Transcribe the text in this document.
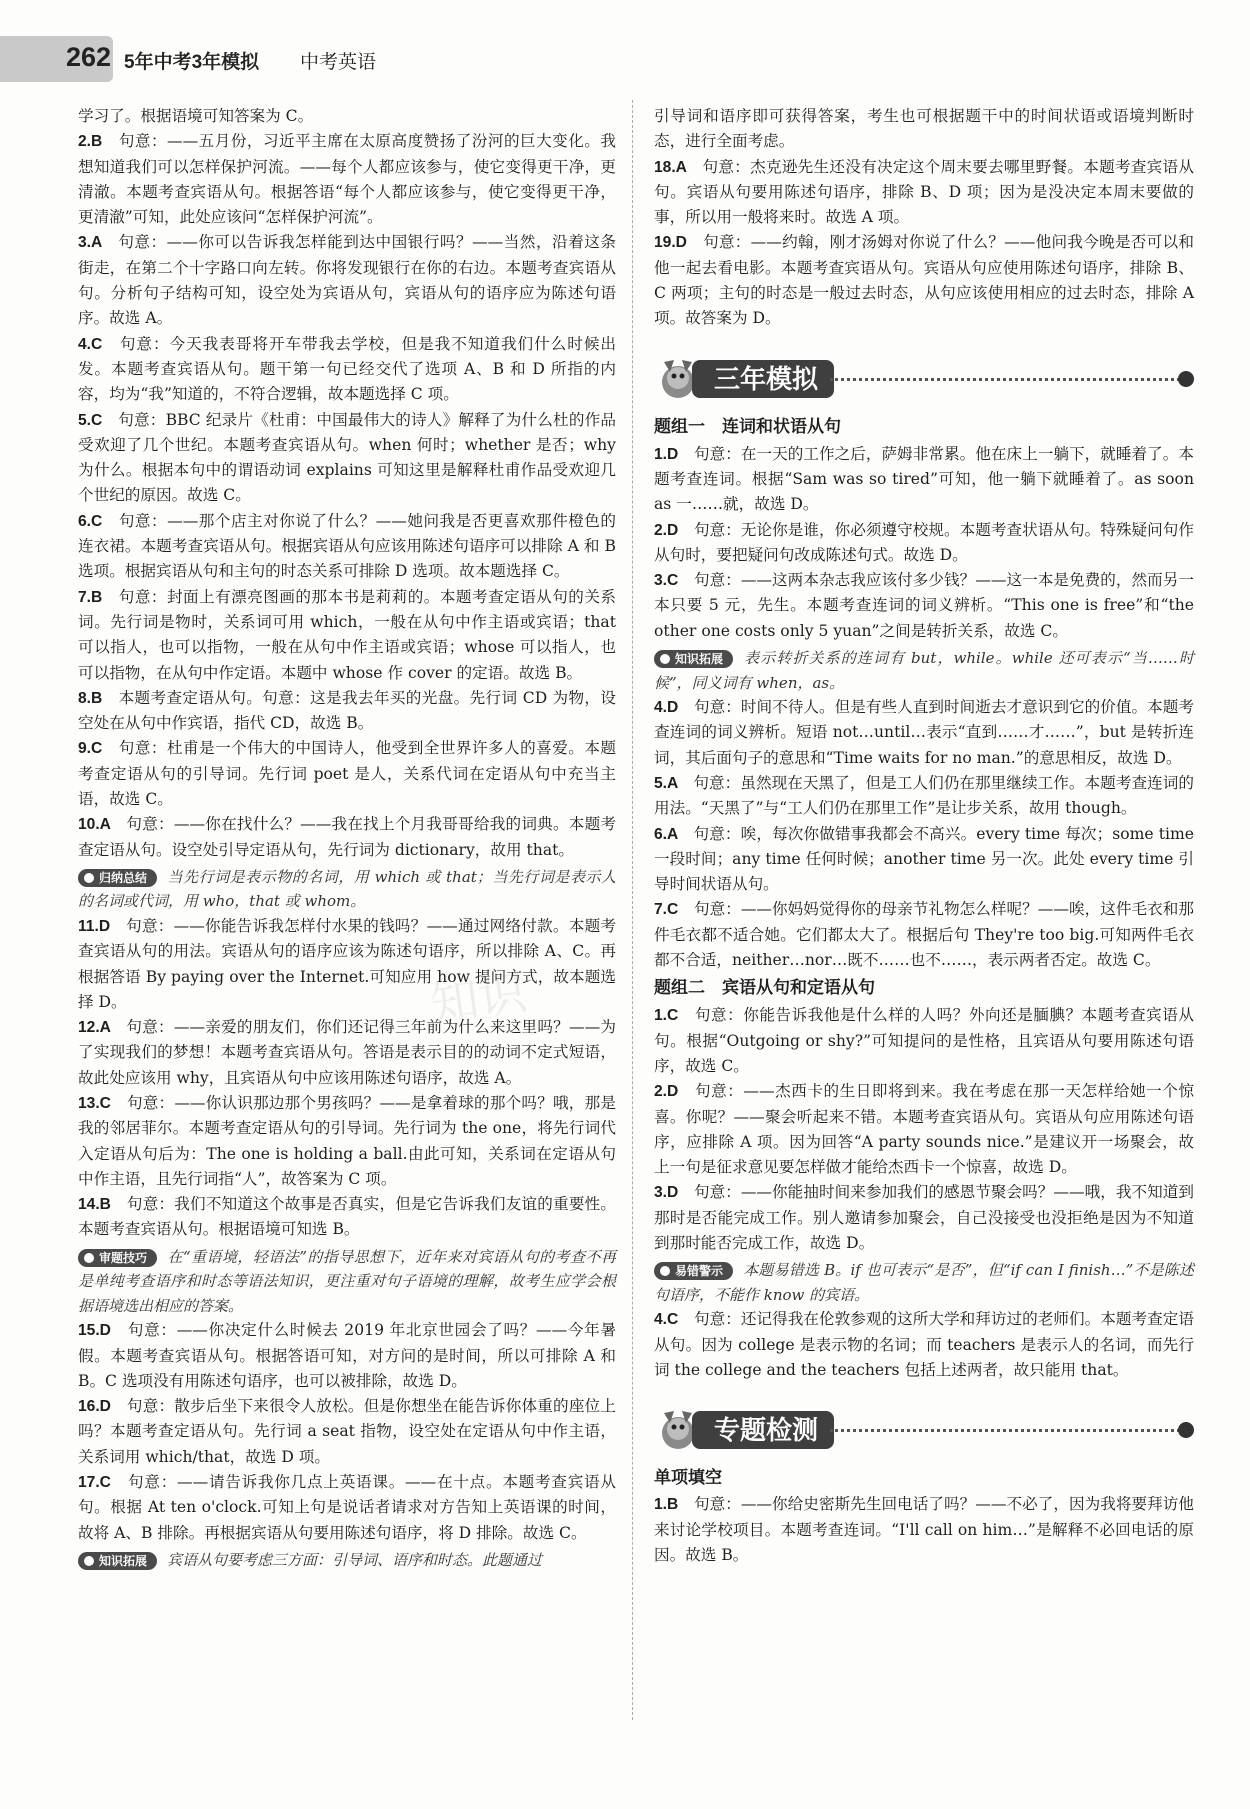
262 5年中考3年模拟 中考英语

学习了。根据语境可知答案为 C。

2.B　句意：——五月份，习近平主席在太原高度赞扬了汾河的巨大变化。我想知道我们可以怎样保护河流。——每个人都应该参与，使它变得更干净，更清澈。本题考查宾语从句。根据答语“每个人都应该参与，使它变得更干净，更清澈”可知，此处应该问“怎样保护河流”。

3.A　句意：——你可以告诉我怎样能到达中国银行吗？——当然，沿着这条街走，在第二个十字路口向左转。你将发现银行在你的右边。本题考查宾语从句。分析句子结构可知，设空处为宾语从句，宾语从句的语序应为陈述句语序。故选 A。

4.C　句意：今天我表哥将开车带我去学校，但是我不知道我们什么时候出发。本题考查宾语从句。题干第一句已经交代了选项 A、B 和 D 所指的内容，均为“我”知道的，不符合逻辑，故本题选择 C 项。

5.C　句意：BBC 纪录片《杜甫：中国最伟大的诗人》解释了为什么杜的作品受欢迎了几个世纪。本题考查宾语从句。when 何时；whether 是否；why 为什么。根据本句中的谓语动词 explains 可知这里是解释杜甫作品受欢迎几个世纪的原因。故选 C。

6.C　句意：——那个店主对你说了什么？——她问我是否更喜欢那件橙色的连衣裙。本题考查宾语从句。根据宾语从句应该用陈述句语序可以排除 A 和 B 选项。根据宾语从句和主句的时态关系可排除 D 选项。故本题选择 C。

7.B　句意：封面上有漂亮图画的那本书是莉莉的。本题考查定语从句的关系词。先行词是物时，关系词可用 which，一般在从句中作主语或宾语；that 可以指人，也可以指物，一般在从句中作主语或宾语；whose 可以指人，也可以指物，在从句中作定语。本题中 whose 作 cover 的定语。故选 B。

8.B　本题考查定语从句。句意：这是我去年买的光盘。先行词 CD 为物，设空处在从句中作宾语，指代 CD，故选 B。

9.C　句意：杜甫是一个伟大的中国诗人，他受到全世界许多人的喜爱。本题考查定语从句的引导词。先行词 poet 是人，关系代词在定语从句中充当主语，故选 C。

10.A　句意：——你在找什么？——我在找上个月我哥哥给我的词典。本题考查定语从句。设空处引导定语从句，先行词为 dictionary，故用 that。

归纳总结 当先行词是表示物的名词，用 which 或 that；当先行词是表示人的名词或代词，用 who，that 或 whom。

11.D　句意：——你能告诉我怎样付水果的钱吗？——通过网络付款。本题考查宾语从句的用法。宾语从句的语序应该为陈述句语序，所以排除 A、C。再根据答语 By paying over the Internet.可知应用 how 提问方式，故本题选择 D。

12.A　句意：——亲爱的朋友们，你们还记得三年前为什么来这里吗？——为了实现我们的梦想！本题考查宾语从句。答语是表示目的的动词不定式短语，故此处应该用 why，且宾语从句中应该用陈述句语序，故选 A。

13.C　句意：——你认识那边那个男孩吗？——是拿着球的那个吗？哦，那是我的邻居菲尔。本题考查定语从句的引导词。先行词为 the one，将先行词代入定语从句后为：The one is holding a ball.由此可知，关系词在定语从句中作主语，且先行词指“人”，故答案为 C 项。

14.B　句意：我们不知道这个故事是否真实，但是它告诉我们友谊的重要性。本题考查宾语从句。根据语境可知选 B。

审题技巧 在“重语境，轻语法”的指导思想下，近年来对宾语从句的考查不再是单纯考查语序和时态等语法知识，更注重对句子语境的理解，故考生应学会根据语境选出相应的答案。

15.D　句意：——你决定什么时候去 2019 年北京世园会了吗？——今年暑假。本题考查宾语从句。根据答语可知，对方问的是时间，所以可排除 A 和 B。C 选项没有用陈述句语序，也可以被排除，故选 D。

16.D　句意：散步后坐下来很令人放松。但是你想坐在能告诉你体重的座位上吗？本题考查定语从句。先行词 a seat 指物，设空处在定语从句中作主语，关系词用 which/that，故选 D 项。

17.C　句意：——请告诉我你几点上英语课。——在十点。本题考查宾语从句。根据 At ten o'clock.可知上句是说话者请求对方告知上英语课的时间，故将 A、B 排除。再根据宾语从句要用陈述句语序，将 D 排除。故选 C。

知识拓展 宾语从句要考虑三方面：引导词、语序和时态。此题通过

引导词和语序即可获得答案，考生也可根据题干中的时间状语或语境判断时态，进行全面考虑。

18.A　句意：杰克逊先生还没有决定这个周末要去哪里野餐。本题考查宾语从句。宾语从句要用陈述句语序，排除 B、D 项；因为是没决定本周末要做的事，所以用一般将来时。故选 A 项。

19.D　句意：——约翰，刚才汤姆对你说了什么？——他问我今晚是否可以和他一起去看电影。本题考查宾语从句。宾语从句应使用陈述句语序，排除 B、C 两项；主句的时态是一般过去时态，从句应该使用相应的过去时态，排除 A 项。故答案为 D。

三年模拟
题组一　连词和状语从句

1.D　句意：在一天的工作之后，萨姆非常累。他在床上一躺下，就睡着了。本题考查连词。根据“Sam was so tired”可知，他一躺下就睡着了。as soon as 一……就，故选 D。

2.D　句意：无论你是谁，你必须遵守校规。本题考查状语从句。特殊疑问句作从句时，要把疑问句改成陈述句式。故选 D。

3.C　句意：——这两本杂志我应该付多少钱？——这一本是免费的，然而另一本只要 5 元，先生。本题考查连词的词义辨析。“This one is free”和“the other one costs only 5 yuan”之间是转折关系，故选 C。

知识拓展 表示转折关系的连词有 but，while。while 还可表示“当……时候”，同义词有 when，as。

4.D　句意：时间不待人。但是有些人直到时间逝去才意识到它的价值。本题考查连词的词义辨析。短语 not…until…表示“直到……才……”，but 是转折连词，其后面句子的意思和“Time waits for no man.”的意思相反，故选 D。

5.A　句意：虽然现在天黑了，但是工人们仍在那里继续工作。本题考查连词的用法。“天黑了”与“工人们仍在那里工作”是让步关系，故用 though。

6.A　句意：唉，每次你做错事我都会不高兴。every time 每次；some time 一段时间；any time 任何时候；another time 另一次。此处 every time 引导时间状语从句。

7.C　句意：——你妈妈觉得你的母亲节礼物怎么样呢？——唉，这件毛衣和那件毛衣都不适合她。它们都太大了。根据后句 They're too big.可知两件毛衣都不合适，neither…nor…既不……也不……，表示两者否定。故选 C。

题组二　宾语从句和定语从句

1.C　句意：你能告诉我他是什么样的人吗？外向还是腼腆？本题考查宾语从句。根据“Outgoing or shy?”可知提问的是性格，且宾语从句要用陈述句语序，故选 C。

2.D　句意：——杰西卡的生日即将到来。我在考虑在那一天怎样给她一个惊喜。你呢？——聚会听起来不错。本题考查宾语从句。宾语从句应用陈述句语序，应排除 A 项。因为回答“A party sounds nice.”是建议开一场聚会，故上一句是征求意见要怎样做才能给杰西卡一个惊喜，故选 D。

3.D　句意：——你能抽时间来参加我们的感恩节聚会吗？——哦，我不知道到那时是否能完成工作。别人邀请参加聚会，自己没接受也没拒绝是因为不知道到那时能否完成工作，故选 D。

易错警示 本题易错选 B。if 也可表示“是否”，但“if can I finish…”不是陈述句语序，不能作 know 的宾语。

4.C　句意：还记得我在伦敦参观的这所大学和拜访过的老师们。本题考查定语从句。因为 college 是表示物的名词；而 teachers 是表示人的名词，而先行词 the college and the teachers 包括上述两者，故只能用 that。

专题检测
单项填空

1.B　句意：——你给史密斯先生回电话了吗？——不必了，因为我将要拜访他来讨论学校项目。本题考查连词。“I'll call on him…”是解释不必回电话的原因。故选 B。

知识
